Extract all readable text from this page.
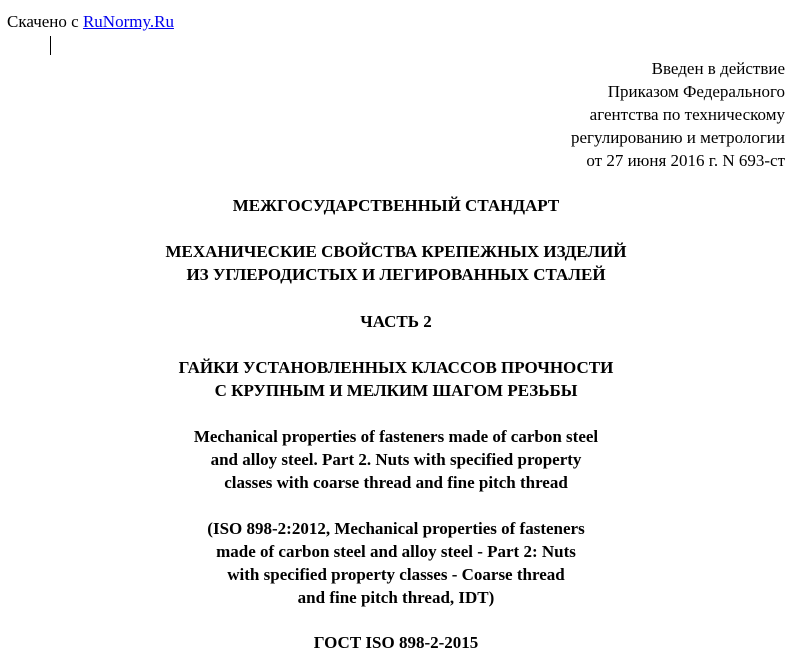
Скачено с RuNormy.Ru
Введен в действие
Приказом Федерального
агентства по техническому
регулированию и метрологии
от 27 июня 2016 г. N 693-ст
МЕЖГОСУДАРСТВЕННЫЙ СТАНДАРТ
МЕХАНИЧЕСКИЕ СВОЙСТВА КРЕПЕЖНЫХ ИЗДЕЛИЙ
ИЗ УГЛЕРОДИСТЫХ И ЛЕГИРОВАННЫХ СТАЛЕЙ
ЧАСТЬ 2
ГАЙКИ УСТАНОВЛЕННЫХ КЛАССОВ ПРОЧНОСТИ
С КРУПНЫМ И МЕЛКИМ ШАГОМ РЕЗЬБЫ
Mechanical properties of fasteners made of carbon steel
and alloy steel. Part 2. Nuts with specified property
classes with coarse thread and fine pitch thread
(ISO 898-2:2012, Mechanical properties of fasteners
made of carbon steel and alloy steel - Part 2: Nuts
with specified property classes - Coarse thread
and fine pitch thread, IDT)
ГОСТ ISO 898-2-2015
